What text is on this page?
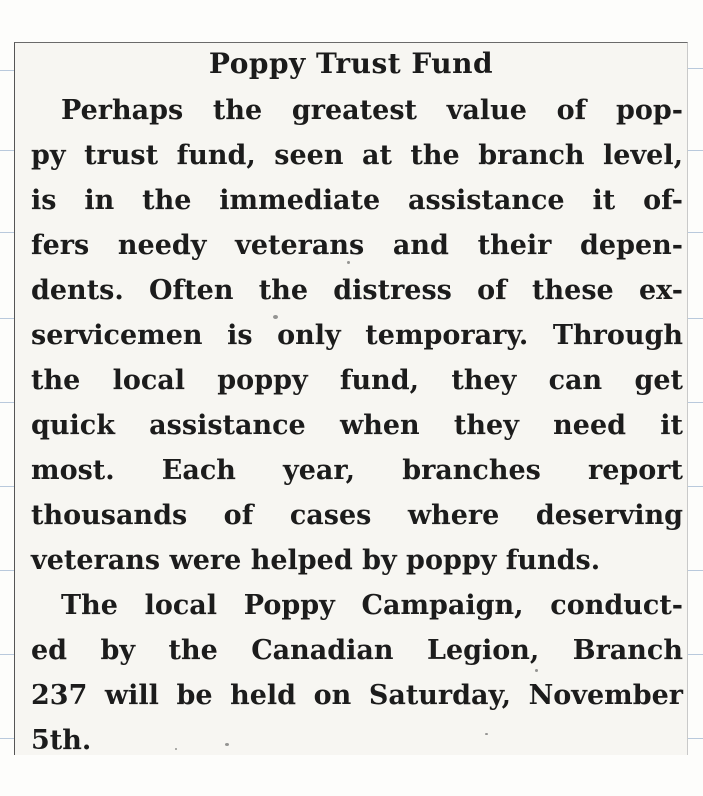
Poppy Trust Fund
Perhaps the greatest value of pop-
py trust fund, seen at the branch level,
is in the immediate assistance it of-
fers needy veterans and their depen-
dents. Often the distress of these ex-
servicemen is only temporary. Through
the local poppy fund, they can get
quick assistance when they need it
most. Each year, branches report
thousands of cases where deserving
veterans were helped by poppy funds.
The local Poppy Campaign, conduct-
ed by the Canadian Legion, Branch
237 will be held on Saturday, November
5th.
